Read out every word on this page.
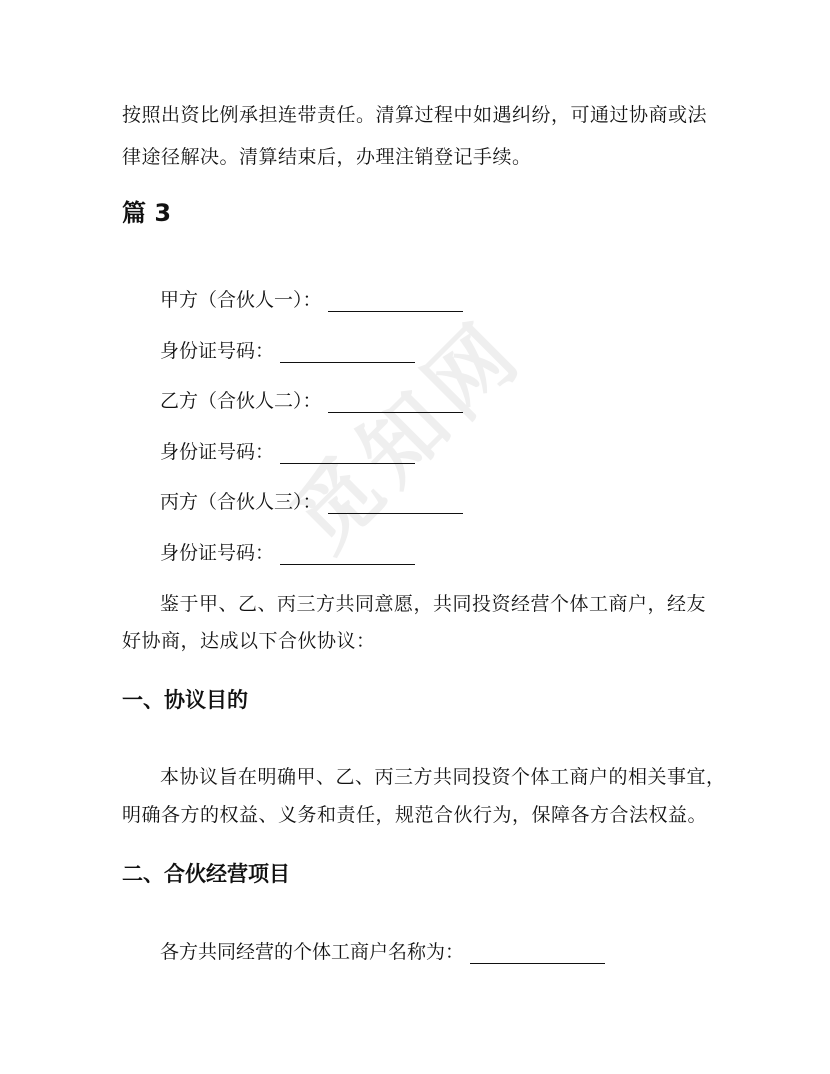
觅知网
按照出资比例承担连带责任。清算过程中如遇纠纷，可通过协商或法
律途径解决。清算结束后，办理注销登记手续。
篇 3
甲方（合伙人一）：
身份证号码：
乙方（合伙人二）：
身份证号码：
丙方（合伙人三）：
身份证号码：
鉴于甲、乙、丙三方共同意愿，共同投资经营个体工商户，经友
好协商，达成以下合伙协议：
一、协议目的
本协议旨在明确甲、乙、丙三方共同投资个体工商户的相关事宜，
明确各方的权益、义务和责任，规范合伙行为，保障各方合法权益。
二、合伙经营项目
各方共同经营的个体工商户名称为：
